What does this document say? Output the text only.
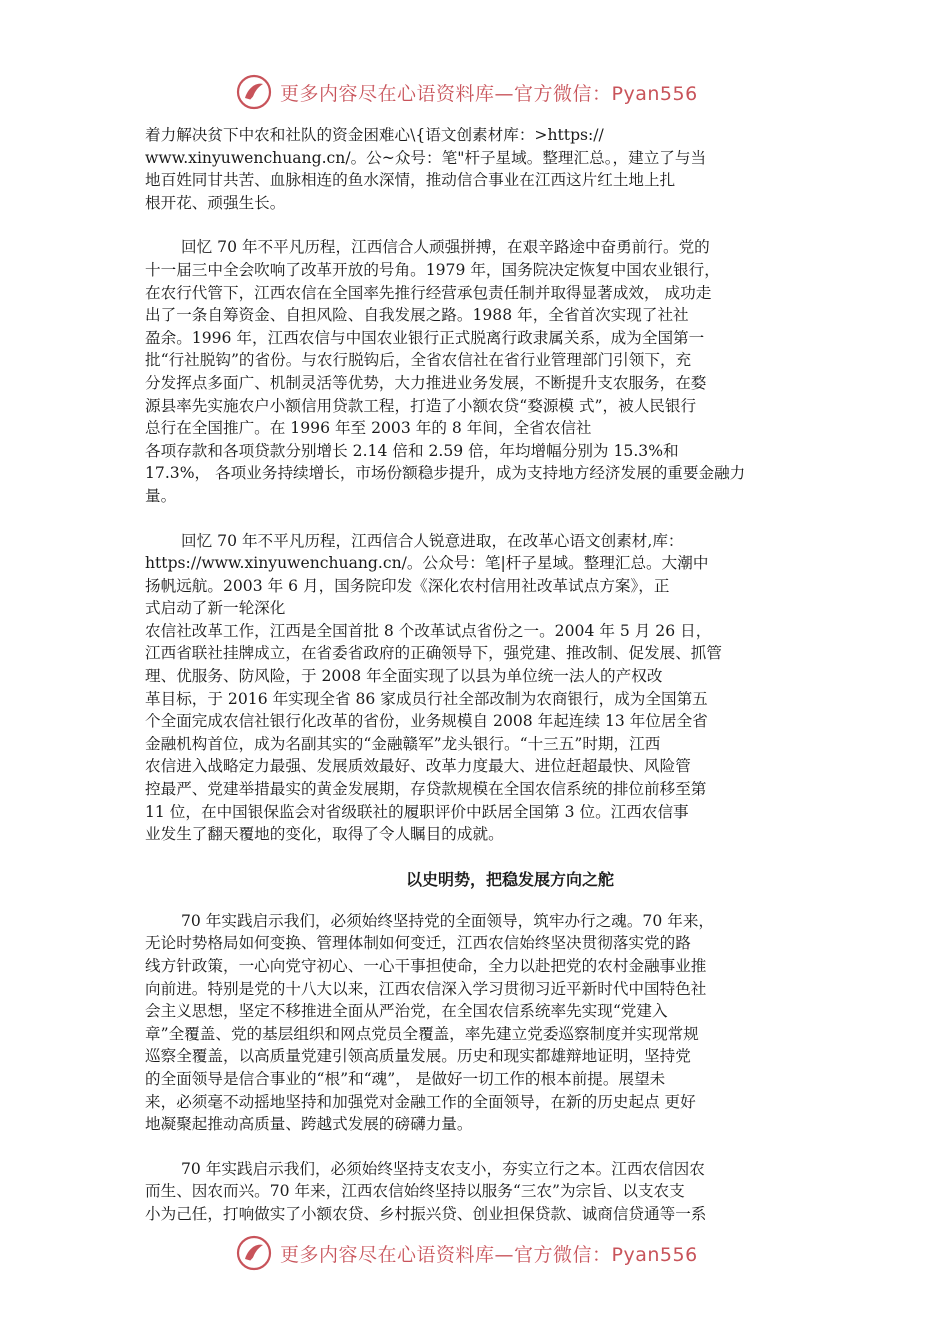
更多内容尽在心语资料库—官方微信：Pyan556
着力解决贫下中农和社队的资金困难心\{语文创素材库：>https://
www.xinyuwenchuang.cn/。公~众号：笔"杆子星域。整理汇总。，建立了与当
地百姓同甘共苦、血脉相连的鱼水深情，推动信合事业在江西这片红土地上扎
根开花、顽强生长。
回忆 70 年不平凡历程，江西信合人顽强拼搏，在艰辛路途中奋勇前行。党的
十一届三中全会吹响了改革开放的号角。1979 年，国务院决定恢复中国农业银行，
在农行代管下，江西农信在全国率先推行经营承包责任制并取得显著成效， 成功走
出了一条自筹资金、自担风险、自我发展之路。1988 年，全省首次实现了社社
盈余。1996 年，江西农信与中国农业银行正式脱离行政隶属关系，成为全国第一
批“行社脱钩”的省份。与农行脱钩后，全省农信社在省行业管理部门引领下，充
分发挥点多面广、机制灵活等优势，大力推进业务发展，不断提升支农服务，在婺
源县率先实施农户小额信用贷款工程，打造了小额农贷“婺源模 式”，被人民银行
总行在全国推广。在 1996 年至 2003 年的 8 年间，全省农信社
各项存款和各项贷款分别增长 2.14 倍和 2.59 倍，年均增幅分别为 15.3%和
17.3%， 各项业务持续增长，市场份额稳步提升，成为支持地方经济发展的重要金融力
量。
回忆 70 年不平凡历程，江西信合人锐意进取，在改革心语文创素材,库：
https://www.xinyuwenchuang.cn/。公众号：笔|杆子星域。整理汇总。大潮中
扬帆远航。2003 年 6 月，国务院印发《深化农村信用社改革试点方案》，正
式启动了新一轮深化
农信社改革工作，江西是全国首批 8 个改革试点省份之一。2004 年 5 月 26 日，
江西省联社挂牌成立，在省委省政府的正确领导下，强党建、推改制、促发展、抓管
理、优服务、防风险，于 2008 年全面实现了以县为单位统一法人的产权改
革目标，于 2016 年实现全省 86 家成员行社全部改制为农商银行，成为全国第五
个全面完成农信社银行化改革的省份，业务规模自 2008 年起连续 13 年位居全省
金融机构首位，成为名副其实的“金融赣军”龙头银行。“十三五”时期，江西
农信进入战略定力最强、发展质效最好、改革力度最大、进位赶超最快、风险管
控最严、党建举措最实的黄金发展期，存贷款规模在全国农信系统的排位前移至第
11 位，在中国银保监会对省级联社的履职评价中跃居全国第 3 位。江西农信事
业发生了翻天覆地的变化，取得了令人瞩目的成就。
以史明势，把稳发展方向之舵
70 年实践启示我们，必须始终坚持党的全面领导，筑牢办行之魂。70 年来，
无论时势格局如何变换、管理体制如何变迁，江西农信始终坚决贯彻落实党的路
线方针政策，一心向党守初心、一心干事担使命，全力以赴把党的农村金融事业推
向前进。特别是党的十八大以来，江西农信深入学习贯彻习近平新时代中国特色社
会主义思想，坚定不移推进全面从严治党，在全国农信系统率先实现“党建入
章”全覆盖、党的基层组织和网点党员全覆盖，率先建立党委巡察制度并实现常规
巡察全覆盖，以高质量党建引领高质量发展。历史和现实都雄辩地证明，坚持党
的全面领导是信合事业的“根”和“魂”， 是做好一切工作的根本前提。展望未
来，必须毫不动摇地坚持和加强党对金融工作的全面领导，在新的历史起点 更好
地凝聚起推动高质量、跨越式发展的磅礴力量。
70 年实践启示我们，必须始终坚持支农支小，夯实立行之本。江西农信因农
而生、因农而兴。70 年来，江西农信始终坚持以服务“三农”为宗旨、以支农支
小为己任，打响做实了小额农贷、乡村振兴贷、创业担保贷款、诚商信贷通等一系
更多内容尽在心语资料库—官方微信：Pyan556
